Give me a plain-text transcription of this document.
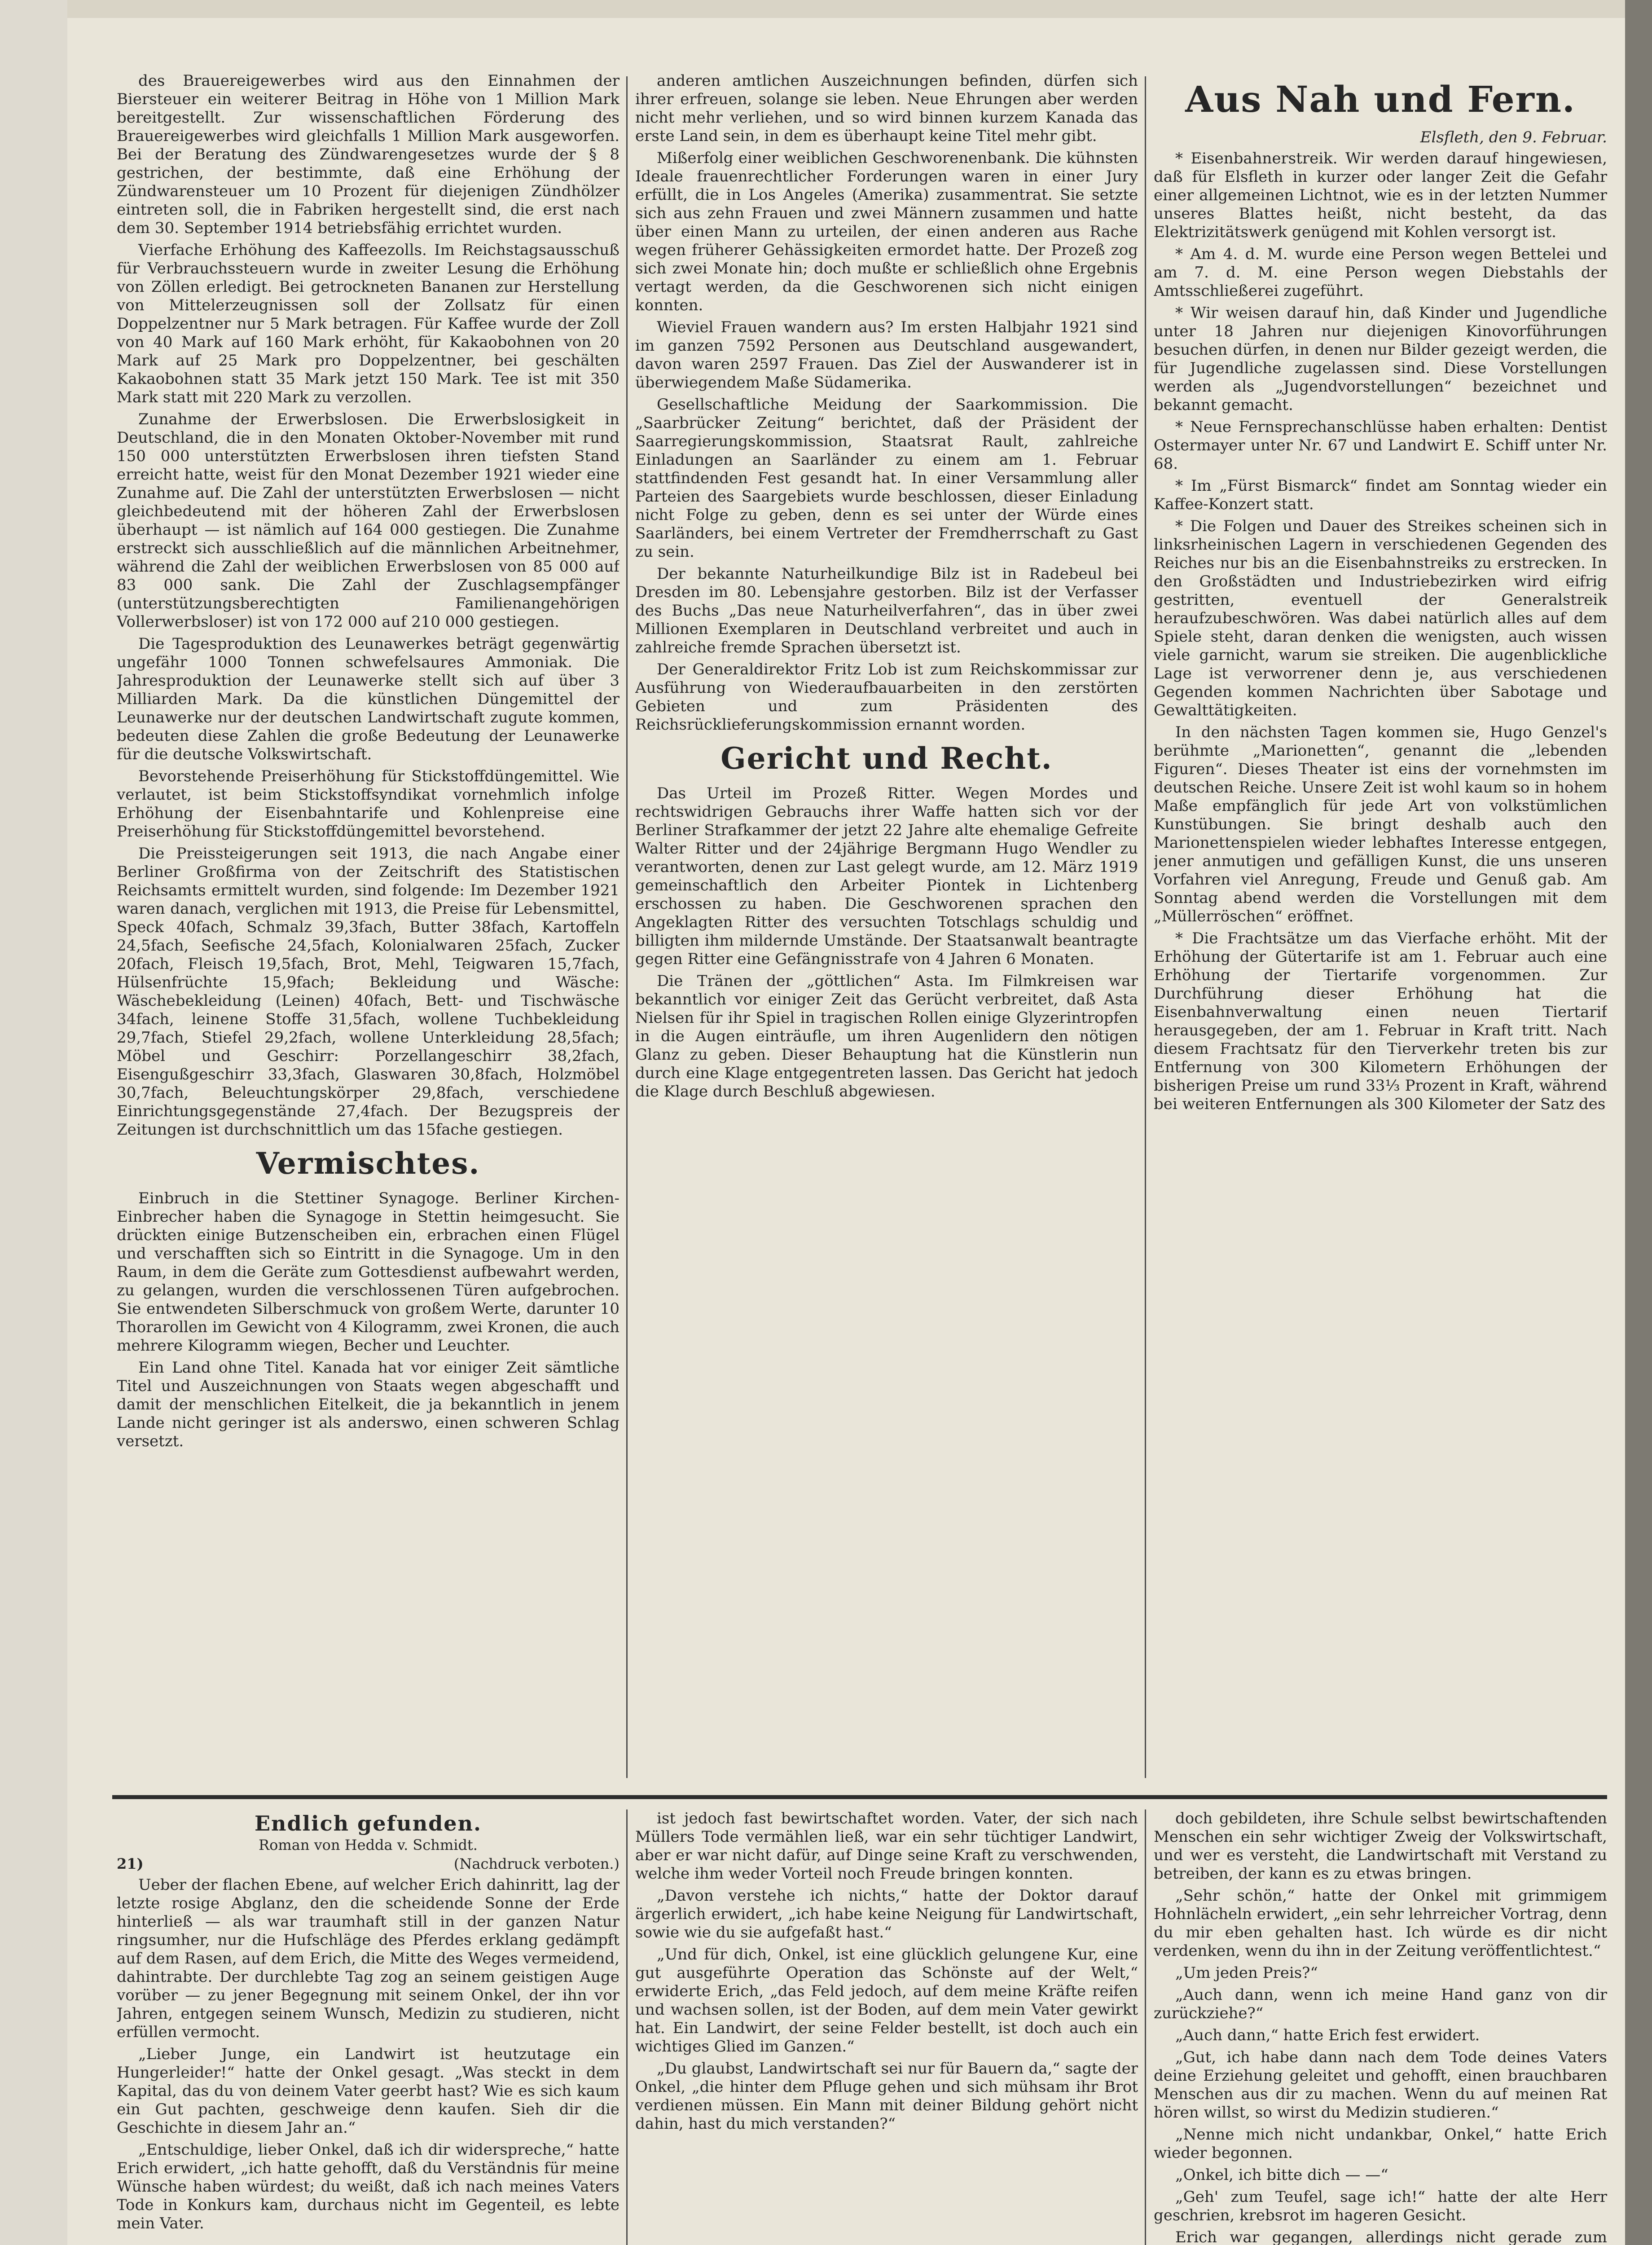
des Brauereigewerbes wird aus den Einnahmen der Biersteuer ein weiterer Beitrag in Höhe von 1 Million Mark bereitgestellt. Zur wissenschaftlichen Förderung des Brauereigewerbes wird gleichfalls 1 Million Mark ausgeworfen. Bei der Beratung des Zündwarengesetzes wurde der § 8 gestrichen, der bestimmte, daß eine Erhöhung der Zündwarensteuer um 10 Prozent für diejenigen Zündhölzer eintreten soll, die in Fabriken hergestellt sind, die erst nach dem 30. September 1914 betriebsfähig errichtet wurden.

Vierfache Erhöhung des Kaffeezolls. Im Reichstagsausschuß für Verbrauchssteuern wurde in zweiter Lesung die Erhöhung von Zöllen erledigt. Bei getrockneten Bananen zur Herstellung von Mittelerzeugnissen soll der Zollsatz für einen Doppelzentner nur 5 Mark betragen. Für Kaffee wurde der Zoll von 40 Mark auf 160 Mark erhöht, für Kakaobohnen von 20 Mark auf 25 Mark pro Doppelzentner, bei geschälten Kakaobohnen statt 35 Mark jetzt 150 Mark. Tee ist mit 350 Mark statt mit 220 Mark zu verzollen.

Zunahme der Erwerbslosen. Die Erwerbslosigkeit in Deutschland, die in den Monaten Oktober-November mit rund 150 000 unterstützten Erwerbslosen ihren tiefsten Stand erreicht hatte, weist für den Monat Dezember 1921 wieder eine Zunahme auf. Die Zahl der unterstützten Erwerbslosen — nicht gleichbedeutend mit der höheren Zahl der Erwerbslosen überhaupt — ist nämlich auf 164 000 gestiegen. Die Zunahme erstreckt sich ausschließlich auf die männlichen Arbeitnehmer, während die Zahl der weiblichen Erwerbslosen von 85 000 auf 83 000 sank. Die Zahl der Zuschlagsempfänger (unterstützungsberechtigten Familienangehörigen Vollerwerbsloser) ist von 172 000 auf 210 000 gestiegen.

Die Tagesproduktion des Leunawerkes beträgt gegenwärtig ungefähr 1000 Tonnen schwefelsaures Ammoniak. Die Jahresproduktion der Leunawerke stellt sich auf über 3 Milliarden Mark. Da die künstlichen Düngemittel der Leunawerke nur der deutschen Landwirtschaft zugute kommen, bedeuten diese Zahlen die große Bedeutung der Leunawerke für die deutsche Volkswirtschaft.

Bevorstehende Preiserhöhung für Stickstoffdüngemittel. Wie verlautet, ist beim Stickstoffsyndikat vornehmlich infolge Erhöhung der Eisenbahntarife und Kohlenpreise eine Preiserhöhung für Stickstoffdüngemittel bevorstehend.

Die Preissteigerungen seit 1913, die nach Angabe einer Berliner Großfirma von der Zeitschrift des Statistischen Reichsamts ermittelt wurden, sind folgende: Im Dezember 1921 waren danach, verglichen mit 1913, die Preise für Lebensmittel, Speck 40fach, Schmalz 39,3fach, Butter 38fach, Kartoffeln 24,5fach, Seefische 24,5fach, Kolonialwaren 25fach, Zucker 20fach, Fleisch 19,5fach, Brot, Mehl, Teigwaren 15,7fach, Hülsenfrüchte 15,9fach; Bekleidung und Wäsche: Wäschebekleidung (Leinen) 40fach, Bett- und Tischwäsche 34fach, leinene Stoffe 31,5fach, wollene Tuchbekleidung 29,7fach, Stiefel 29,2fach, wollene Unterkleidung 28,5fach; Möbel und Geschirr: Porzellangeschirr 38,2fach, Eisengußgeschirr 33,3fach, Glaswaren 30,8fach, Holzmöbel 30,7fach, Beleuchtungskörper 29,8fach, verschiedene Einrichtungsgegenstände 27,4fach. Der Bezugspreis der Zeitungen ist durchschnittlich um das 15fache gestiegen.

Vermischtes.

Einbruch in die Stettiner Synagoge. Berliner Kirchen-Einbrecher haben die Synagoge in Stettin heimgesucht. Sie drückten einige Butzenscheiben ein, erbrachen einen Flügel und verschafften sich so Eintritt in die Synagoge. Um in den Raum, in dem die Geräte zum Gottesdienst aufbewahrt werden, zu gelangen, wurden die verschlossenen Türen aufgebrochen. Sie entwendeten Silberschmuck von großem Werte, darunter 10 Thorarollen im Gewicht von 4 Kilogramm, zwei Kronen, die auch mehrere Kilogramm wiegen, Becher und Leuchter.

Ein Land ohne Titel. Kanada hat vor einiger Zeit sämtliche Titel und Auszeichnungen von Staats wegen abgeschafft und damit der menschlichen Eitelkeit, die ja bekanntlich in jenem Lande nicht geringer ist als anderswo, einen schweren Schlag versetzt.

anderen amtlichen Auszeichnungen befinden, dürfen sich ihrer erfreuen, solange sie leben. Neue Ehrungen aber werden nicht mehr verliehen, und so wird binnen kurzem Kanada das erste Land sein, in dem es überhaupt keine Titel mehr gibt.

Mißerfolg einer weiblichen Geschworenenbank. Die kühnsten Ideale frauenrechtlicher Forderungen waren in einer Jury erfüllt, die in Los Angeles (Amerika) zusammentrat. Sie setzte sich aus zehn Frauen und zwei Männern zusammen und hatte über einen Mann zu urteilen, der einen anderen aus Rache wegen früherer Gehässigkeiten ermordet hatte. Der Prozeß zog sich zwei Monate hin; doch mußte er schließlich ohne Ergebnis vertagt werden, da die Geschworenen sich nicht einigen konnten.

Wieviel Frauen wandern aus? Im ersten Halbjahr 1921 sind im ganzen 7592 Personen aus Deutschland ausgewandert, davon waren 2597 Frauen. Das Ziel der Auswanderer ist in überwiegendem Maße Südamerika.

Gesellschaftliche Meidung der Saarkommission. Die „Saarbrücker Zeitung“ berichtet, daß der Präsident der Saarregierungskommission, Staatsrat Rault, zahlreiche Einladungen an Saarländer zu einem am 1. Februar stattfindenden Fest gesandt hat. In einer Versammlung aller Parteien des Saargebiets wurde beschlossen, dieser Einladung nicht Folge zu geben, denn es sei unter der Würde eines Saarländers, bei einem Vertreter der Fremdherrschaft zu Gast zu sein.

Der bekannte Naturheilkundige Bilz ist in Radebeul bei Dresden im 80. Lebensjahre gestorben. Bilz ist der Verfasser des Buchs „Das neue Naturheilverfahren“, das in über zwei Millionen Exemplaren in Deutschland verbreitet und auch in zahlreiche fremde Sprachen übersetzt ist.

Der Generaldirektor Fritz Lob ist zum Reichskommissar zur Ausführung von Wiederaufbauarbeiten in den zerstörten Gebieten und zum Präsidenten des Reichsrücklieferungskommission ernannt worden.

Gericht und Recht.

Das Urteil im Prozeß Ritter. Wegen Mordes und rechtswidrigen Gebrauchs ihrer Waffe hatten sich vor der Berliner Strafkammer der jetzt 22 Jahre alte ehemalige Gefreite Walter Ritter und der 24jährige Bergmann Hugo Wendler zu verantworten, denen zur Last gelegt wurde, am 12. März 1919 gemeinschaftlich den Arbeiter Piontek in Lichtenberg erschossen zu haben. Die Geschworenen sprachen den Angeklagten Ritter des versuchten Totschlags schuldig und billigten ihm mildernde Umstände. Der Staatsanwalt beantragte gegen Ritter eine Gefängnisstrafe von 4 Jahren 6 Monaten.

Die Tränen der „göttlichen“ Asta. Im Filmkreisen war bekanntlich vor einiger Zeit das Gerücht verbreitet, daß Asta Nielsen für ihr Spiel in tragischen Rollen einige Glyzerintropfen in die Augen einträufle, um ihren Augenlidern den nötigen Glanz zu geben. Dieser Behauptung hat die Künstlerin nun durch eine Klage entgegentreten lassen. Das Gericht hat jedoch die Klage durch Beschluß abgewiesen.

Aus Nah und Fern.

Elsfleth, den 9. Februar.

* Eisenbahnerstreik. Wir werden darauf hingewiesen, daß für Elsfleth in kurzer oder langer Zeit die Gefahr einer allgemeinen Lichtnot, wie es in der letzten Nummer unseres Blattes heißt, nicht besteht, da das Elektrizitätswerk genügend mit Kohlen versorgt ist.

* Am 4. d. M. wurde eine Person wegen Bettelei und am 7. d. M. eine Person wegen Diebstahls der Amtsschließerei zugeführt.

* Wir weisen darauf hin, daß Kinder und Jugendliche unter 18 Jahren nur diejenigen Kinovorführungen besuchen dürfen, in denen nur Bilder gezeigt werden, die für Jugendliche zugelassen sind. Diese Vorstellungen werden als „Jugendvorstellungen“ bezeichnet und bekannt gemacht.

* Neue Fernsprechanschlüsse haben erhalten: Dentist Ostermayer unter Nr. 67 und Landwirt E. Schiff unter Nr. 68.

* Im „Fürst Bismarck“ findet am Sonntag wieder ein Kaffee-Konzert statt.

* Die Folgen und Dauer des Streikes scheinen sich in linksrheinischen Lagern in verschiedenen Gegenden des Reiches nur bis an die Eisenbahnstreiks zu erstrecken. In den Großstädten und Industriebezirken wird eifrig gestritten, eventuell der Generalstreik heraufzubeschwören. Was dabei natürlich alles auf dem Spiele steht, daran denken die wenigsten, auch wissen viele garnicht, warum sie streiken. Die augenblickliche Lage ist verworrener denn je, aus verschiedenen Gegenden kommen Nachrichten über Sabotage und Gewalttätigkeiten.

In den nächsten Tagen kommen sie, Hugo Genzel's berühmte „Marionetten“, genannt die „lebenden Figuren“. Dieses Theater ist eins der vornehmsten im deutschen Reiche. Unsere Zeit ist wohl kaum so in hohem Maße empfänglich für jede Art von volkstümlichen Kunstübungen. Sie bringt deshalb auch den Marionettenspielen wieder lebhaftes Interesse entgegen, jener anmutigen und gefälligen Kunst, die uns unseren Vorfahren viel Anregung, Freude und Genuß gab. Am Sonntag abend werden die Vorstellungen mit dem „Müllerröschen“ eröffnet.

* Die Frachtsätze um das Vierfache erhöht. Mit der Erhöhung der Gütertarife ist am 1. Februar auch eine Erhöhung der Tiertarife vorgenommen. Zur Durchführung dieser Erhöhung hat die Eisenbahnverwaltung einen neuen Tiertarif herausgegeben, der am 1. Februar in Kraft tritt. Nach diesem Frachtsatz für den Tierverkehr treten bis zur Entfernung von 300 Kilometern Erhöhungen der bisherigen Preise um rund 33⅓ Prozent in Kraft, während bei weiteren Entfernungen als 300 Kilometer der Satz des

Endlich gefunden.
Roman von Hedda v. Schmidt.
21)	(Nachdruck verboten.)

Ueber der flachen Ebene, auf welcher Erich dahinritt, lag der letzte rosige Abglanz, den die scheidende Sonne der Erde hinterließ — als war traumhaft still in der ganzen Natur ringsumher, nur die Hufschläge des Pferdes erklang gedämpft auf dem Rasen, auf dem Erich, die Mitte des Weges vermeidend, dahintrabte. Der durchlebte Tag zog an seinem geistigen Auge vorüber — zu jener Begegnung mit seinem Onkel, der ihn vor Jahren, entgegen seinem Wunsch, Medizin zu studieren, nicht erfüllen vermocht.

„Lieber Junge, ein Landwirt ist heutzutage ein Hungerleider!“ hatte der Onkel gesagt. „Was steckt in dem Kapital, das du von deinem Vater geerbt hast? Wie es sich kaum ein Gut pachten, geschweige denn kaufen. Sieh dir die Geschichte in diesem Jahr an.“

„Entschuldige, lieber Onkel, daß ich dir widerspreche,“ hatte Erich erwidert, „ich hatte gehofft, daß du Verständnis für meine Wünsche haben würdest; du weißt, daß ich nach meines Vaters Tode in Konkurs kam, durchaus nicht im Gegenteil, es lebte mein Vater.

ist jedoch fast bewirtschaftet worden. Vater, der sich nach Müllers Tode vermählen ließ, war ein sehr tüchtiger Landwirt, aber er war nicht dafür, auf Dinge seine Kraft zu verschwenden, welche ihm weder Vorteil noch Freude bringen konnten.

„Davon verstehe ich nichts,“ hatte der Doktor darauf ärgerlich erwidert, „ich habe keine Neigung für Landwirtschaft, sowie wie du sie aufgefaßt hast.“

„Und für dich, Onkel, ist eine glücklich gelungene Kur, eine gut ausgeführte Operation das Schönste auf der Welt,“ erwiderte Erich, „das Feld jedoch, auf dem meine Kräfte reifen und wachsen sollen, ist der Boden, auf dem mein Vater gewirkt hat. Ein Landwirt, der seine Felder bestellt, ist doch auch ein wichtiges Glied im Ganzen.“

„Du glaubst, Landwirtschaft sei nur für Bauern da,“ sagte der Onkel, „die hinter dem Pfluge gehen und sich mühsam ihr Brot verdienen müssen. Ein Mann mit deiner Bildung gehört nicht dahin, hast du mich verstanden?“

doch gebildeten, ihre Schule selbst bewirtschaftenden Menschen ein sehr wichtiger Zweig der Volkswirtschaft, und wer es versteht, die Landwirtschaft mit Verstand zu betreiben, der kann es zu etwas bringen.

„Sehr schön,“ hatte der Onkel mit grimmigem Hohnlächeln erwidert, „ein sehr lehrreicher Vortrag, denn du mir eben gehalten hast. Ich würde es dir nicht verdenken, wenn du ihn in der Zeitung veröffentlichtest.“

„Um jeden Preis?“

„Auch dann, wenn ich meine Hand ganz von dir zurückziehe?“

„Auch dann,“ hatte Erich fest erwidert.

„Gut, ich habe dann nach dem Tode deines Vaters deine Erziehung geleitet und gehofft, einen brauchbaren Menschen aus dir zu machen. Wenn du auf meinen Rat hören willst, so wirst du Medizin studieren.“

„Nenne mich nicht undankbar, Onkel,“ hatte Erich wieder begonnen.

„Onkel, ich bitte dich — —“

„Geh' zum Teufel, sage ich!“ hatte der alte Herr geschrien, krebsrot im hageren Gesicht.

Erich war gegangen, allerdings nicht gerade zum
